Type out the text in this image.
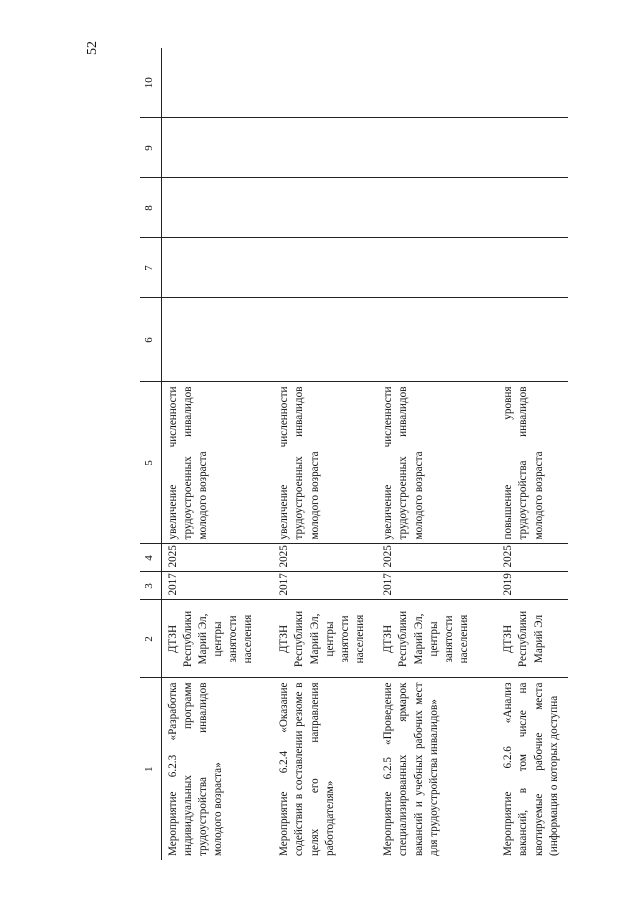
52
1	2	3	4	5	6	7	8	9	10
Мероприятие 6.2.3 «Разработка индивидуальных программ трудоустройства инвалидов молодого возраста»	ДТЗН Республики Марий Эл, центры занятости населения	2017	2025	увеличение численности трудоустроенных инвалидов молодого возраста					
Мероприятие 6.2.4 «Оказание содействия в составлении резюме в целях его направления работодателям»	ДТЗН Республики Марий Эл, центры занятости населения	2017	2025	увеличение численности трудоустроенных инвалидов молодого возраста					
Мероприятие 6.2.5 «Проведение специализированных ярмарок вакансий и учебных рабочих мест для трудоустройства инвалидов»	ДТЗН Республики Марий Эл, центры занятости населения	2017	2025	увеличение численности трудоустроенных инвалидов молодого возраста					
Мероприятие 6.2.6 «Анализ вакансий, в том числе на квотируемые рабочие места (информация о которых доступна	ДТЗН Республики Марий Эл	2019	2025	повышение уровня трудоустройства инвалидов молодого возраста					
